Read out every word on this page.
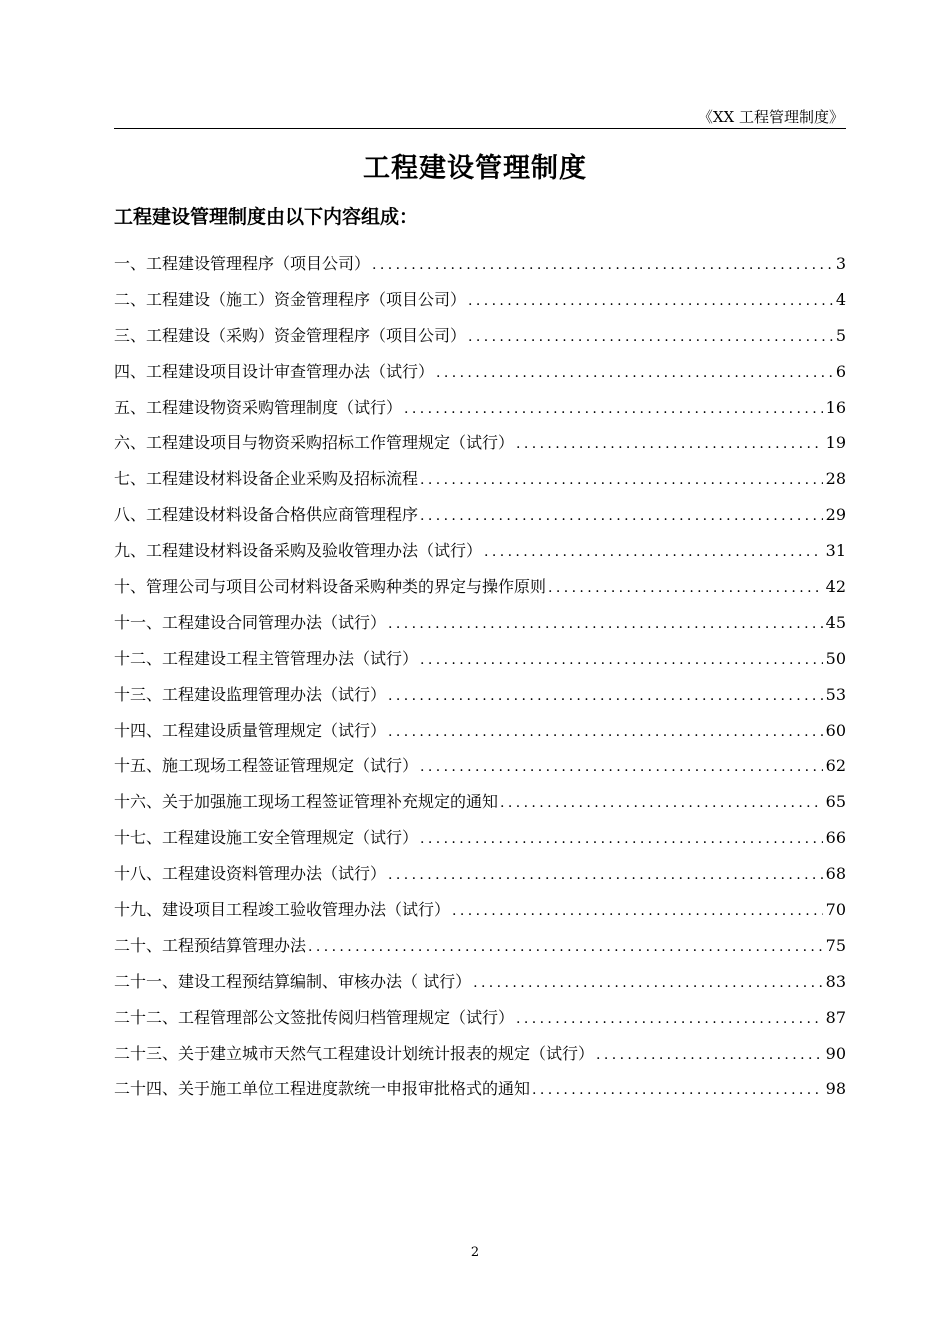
《XX 工程管理制度》
工程建设管理制度
工程建设管理制度由以下内容组成：
一、工程建设管理程序（项目公司） .....	3
二、工程建设（施工）资金管理程序（项目公司） .....	4
三、工程建设（采购）资金管理程序（项目公司） .....	5
四、工程建设项目设计审查管理办法（试行） .....	6
五、工程建设物资采购管理制度（试行） .....	16
六、工程建设项目与物资采购招标工作管理规定（试行） .....	19
七、工程建设材料设备企业采购及招标流程 .....	28
八、工程建设材料设备合格供应商管理程序 .....	29
九、工程建设材料设备采购及验收管理办法（试行） .....	31
十、管理公司与项目公司材料设备采购种类的界定与操作原则 .....	42
十一、工程建设合同管理办法（试行） .....	45
十二、工程建设工程主管管理办法（试行） .....	50
十三、工程建设监理管理办法（试行） .....	53
十四、工程建设质量管理规定（试行） .....	60
十五、施工现场工程签证管理规定（试行） .....	62
十六、关于加强施工现场工程签证管理补充规定的通知 .....	65
十七、工程建设施工安全管理规定（试行） .....	66
十八、工程建设资料管理办法（试行） .....	68
十九、建设项目工程竣工验收管理办法（试行） .....	70
二十、工程预结算管理办法 .....	75
二十一、建设工程预结算编制、审核办法（ 试行） .....	83
二十二、工程管理部公文签批传阅归档管理规定（试行） .....	87
二十三、关于建立城市天然气工程建设计划统计报表的规定（试行） .....	90
二十四、关于施工单位工程进度款统一申报审批格式的通知 .....	98
2
